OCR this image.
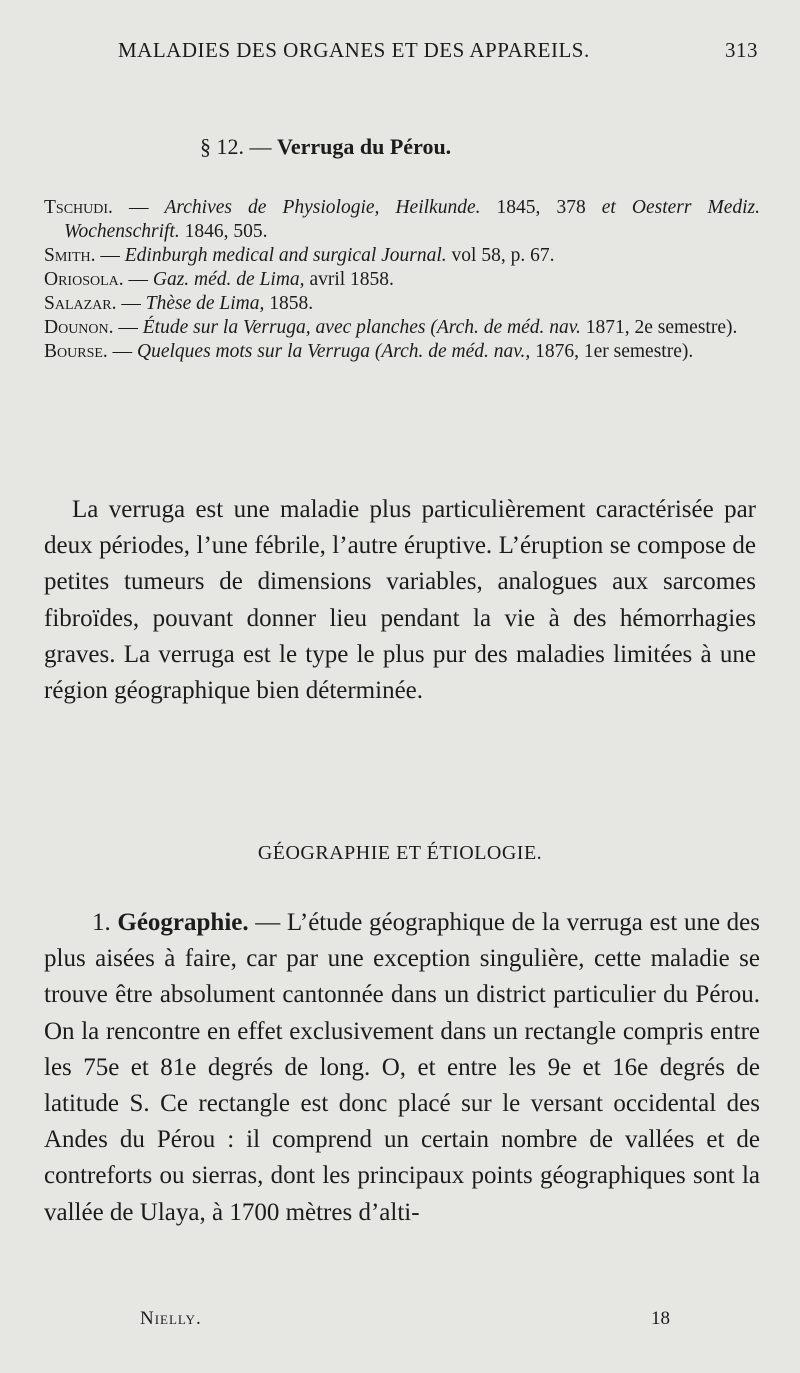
MALADIES DES ORGANES ET DES APPAREILS.	313
§ 12. — Verruga du Pérou.

Tschudi. — Archives de Physiologie, Heilkunde. 1845, 378 et Oesterr Mediz. Wochenschrift. 1846, 505.

Smith. — Edinburgh medical and surgical Journal. vol 58, p. 67.

Oriosola. — Gaz. méd. de Lima, avril 1858.

Salazar. — Thèse de Lima, 1858.

Dounon. — Étude sur la Verruga, avec planches (Arch. de méd. nav. 1871, 2e semestre).

Bourse. — Quelques mots sur la Verruga (Arch. de méd. nav., 1876, 1er semestre).

La verruga est une maladie plus particulièrement caractérisée par deux périodes, l’une fébrile, l’autre éruptive. L’éruption se compose de petites tumeurs de dimensions variables, analogues aux sarcomes fibroïdes, pouvant donner lieu pendant la vie à des hémorrhagies graves. La verruga est le type le plus pur des maladies limitées à une région géographique bien déterminée.

GÉOGRAPHIE ET ÉTIOLOGIE.

1. Géographie. — L’étude géographique de la verruga est une des plus aisées à faire, car par une exception singulière, cette maladie se trouve être absolument cantonnée dans un district particulier du Pérou. On la rencontre en effet exclusivement dans un rectangle compris entre les 75e et 81e degrés de long. O, et entre les 9e et 16e degrés de latitude S. Ce rectangle est donc placé sur le versant occidental des Andes du Pérou : il comprend un certain nombre de vallées et de contreforts ou sierras, dont les principaux points géographiques sont la vallée de Ulaya, à 1700 mètres d’alti-

Nielly.	18
